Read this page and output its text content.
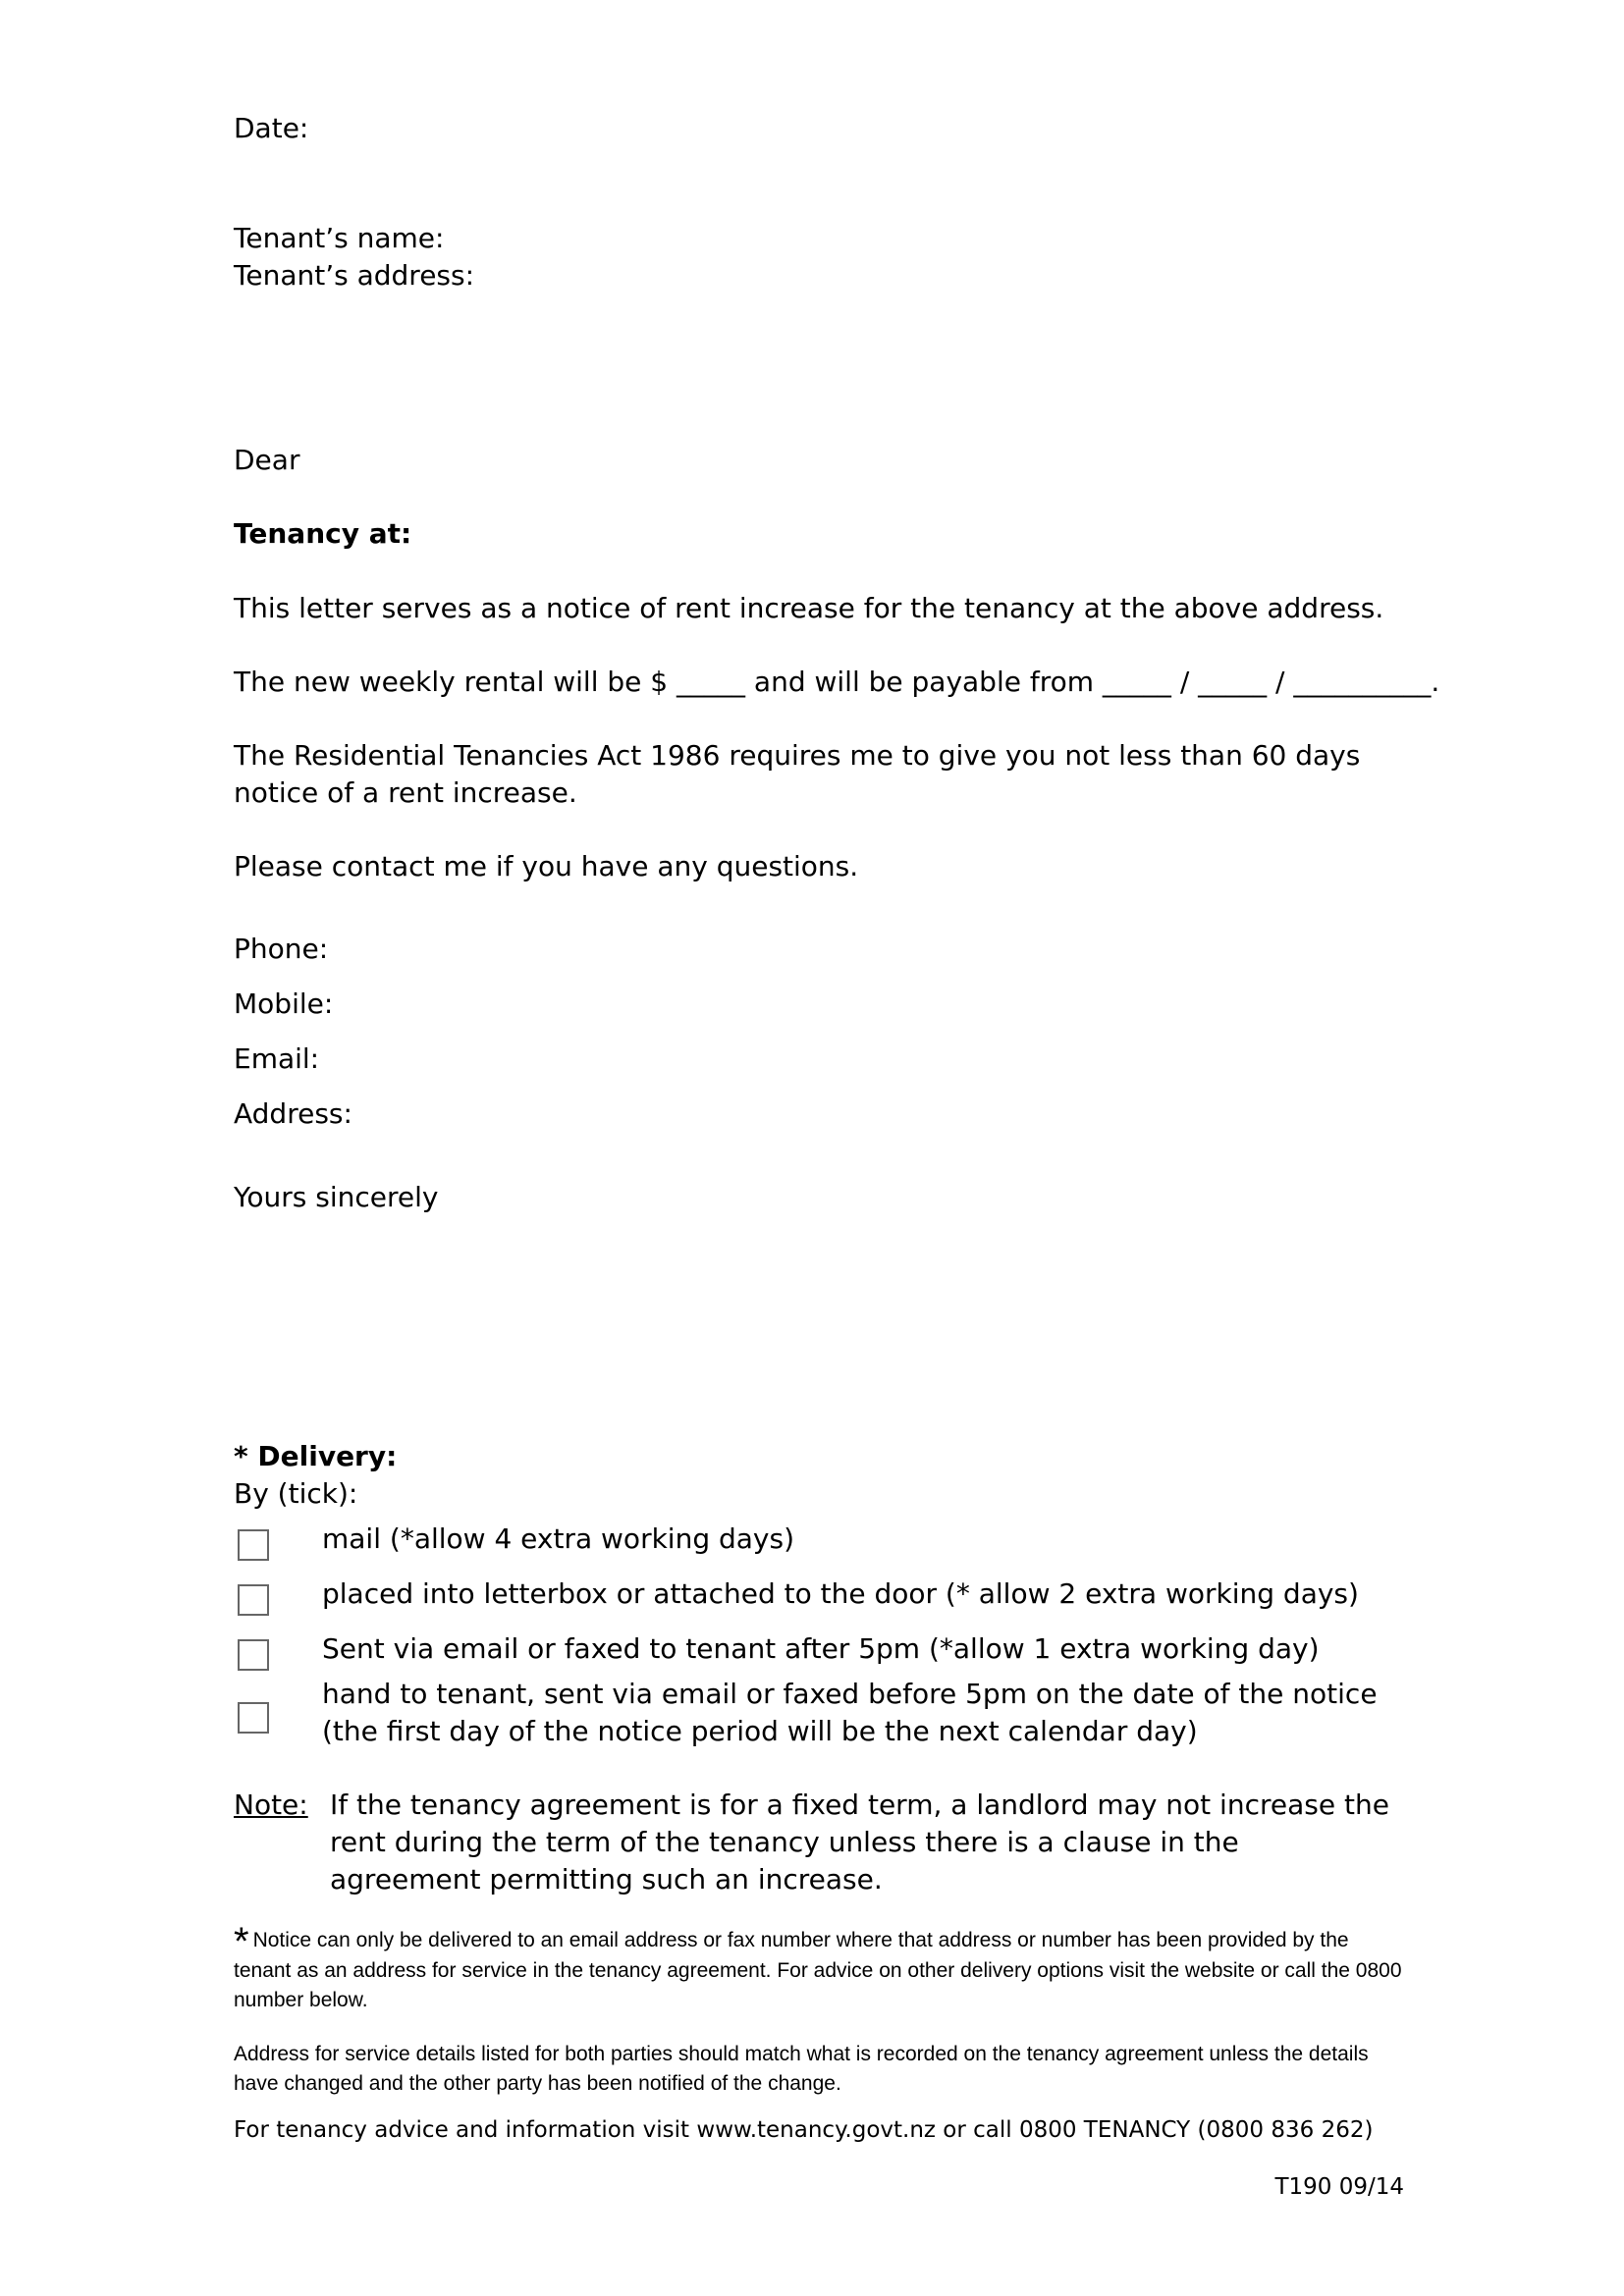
Date:
Tenant’s name:
Tenant’s address:
Dear
Tenancy at:
This letter serves as a notice of rent increase for the tenancy at the above address.
The new weekly rental will be $ _____ and will be payable from _____ / _____ / __________.
The Residential Tenancies Act 1986 requires me to give you not less than 60 days notice of a rent increase.
Please contact me if you have any questions.
Phone:
Mobile:
Email:
Address:
Yours sincerely
* Delivery:
By (tick):
mail (*allow 4 extra working days)
placed into letterbox or attached to the door (* allow 2 extra working days)
Sent via email or faxed to tenant after 5pm (*allow 1 extra working day)
hand to tenant, sent via email or faxed before 5pm on the date of the notice
(the first day of the notice period will be the next calendar day)
Note: If the tenancy agreement is for a fixed term, a landlord may not increase the rent during the term of the tenancy unless there is a clause in the agreement permitting such an increase.
* Notice can only be delivered to an email address or fax number where that address or number has been provided by the tenant as an address for service in the tenancy agreement. For advice on other delivery options visit the website or call the 0800 number below.
Address for service details listed for both parties should match what is recorded on the tenancy agreement unless the details have changed and the other party has been notified of the change.
For tenancy advice and information visit www.tenancy.govt.nz or call 0800 TENANCY (0800 836 262)
T190 09/14
